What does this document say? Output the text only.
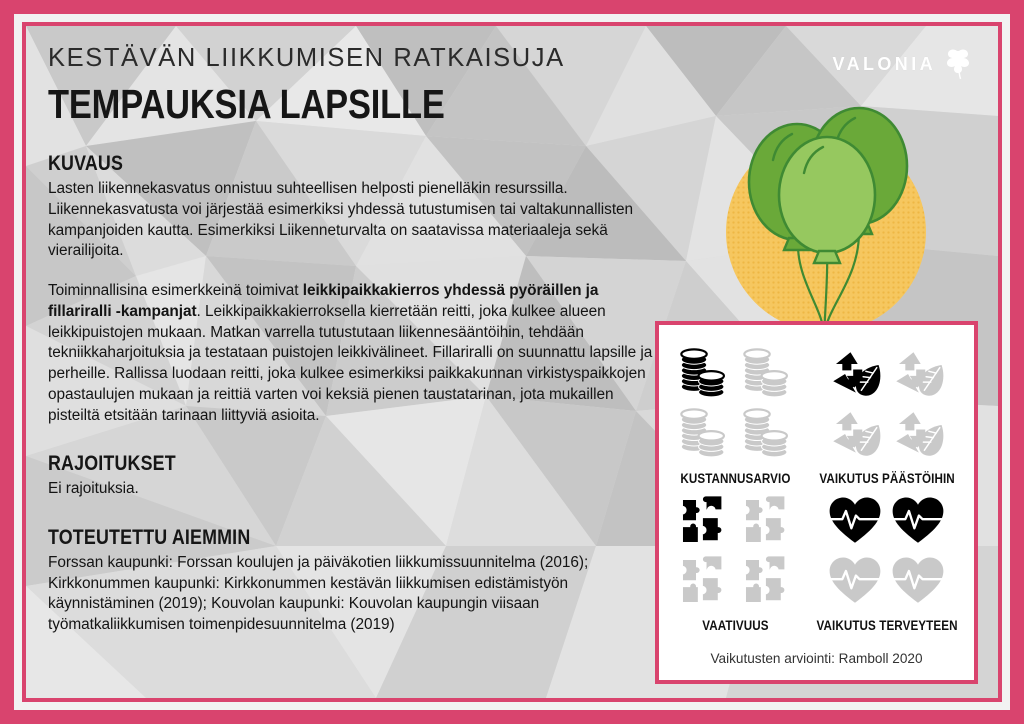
VALONIA
KESTÄVÄN LIIKKUMISEN RATKAISUJA
TEMPAUKSIA LAPSILLE
KUVAUS

Lasten liikennekasvatus onnistuu suhteellisen helposti pienelläkin resurssilla. Liikennekasvatusta voi järjestää esimerkiksi yhdessä tutustumisen tai valtakunnallisten kampanjoiden kautta. Esimerkiksi Liikenneturvalta on saatavissa materiaaleja sekä vierailijoita.

Toiminnallisina esimerkkeinä toimivat leikkipaikkakierros yhdessä pyöräillen ja fillariralli -kampanjat. Leikkipaikkakierroksella kierretään reitti, joka kulkee alueen leikkipuistojen mukaan. Matkan varrella tutustutaan liikennesääntöihin, tehdään tekniikkaharjoituksia ja testataan puistojen leikkivälineet. Fillariralli on suunnattu lapsille ja perheille. Rallissa luodaan reitti, joka kulkee esimerkiksi paikkakunnan virkistyspaikkojen opastaulujen mukaan ja reittiä varten voi keksiä pienen taustatarinan, jota mukaillen pisteiltä etsitään tarinaan liittyviä asioita.

RAJOITUKSET

Ei rajoituksia.

TOTEUTETTU AIEMMIN

Forssan kaupunki: Forssan koulujen ja päiväkotien liikkumissuunnitelma (2016); Kirkkonummen kaupunki: Kirkkonummen kestävän liikkumisen edistämistyön käynnistäminen (2019); Kouvolan kaupunki: Kouvolan kaupungin viisaan työmatkaliikkumisen toimenpidesuunnitelma (2019)

KUSTANNUSARVIO	VAIKUTUS PÄÄSTÖIHIN
VAATIVUUS	VAIKUTUS TERVEYTEEN
Vaikutusten arviointi: Ramboll 2020
